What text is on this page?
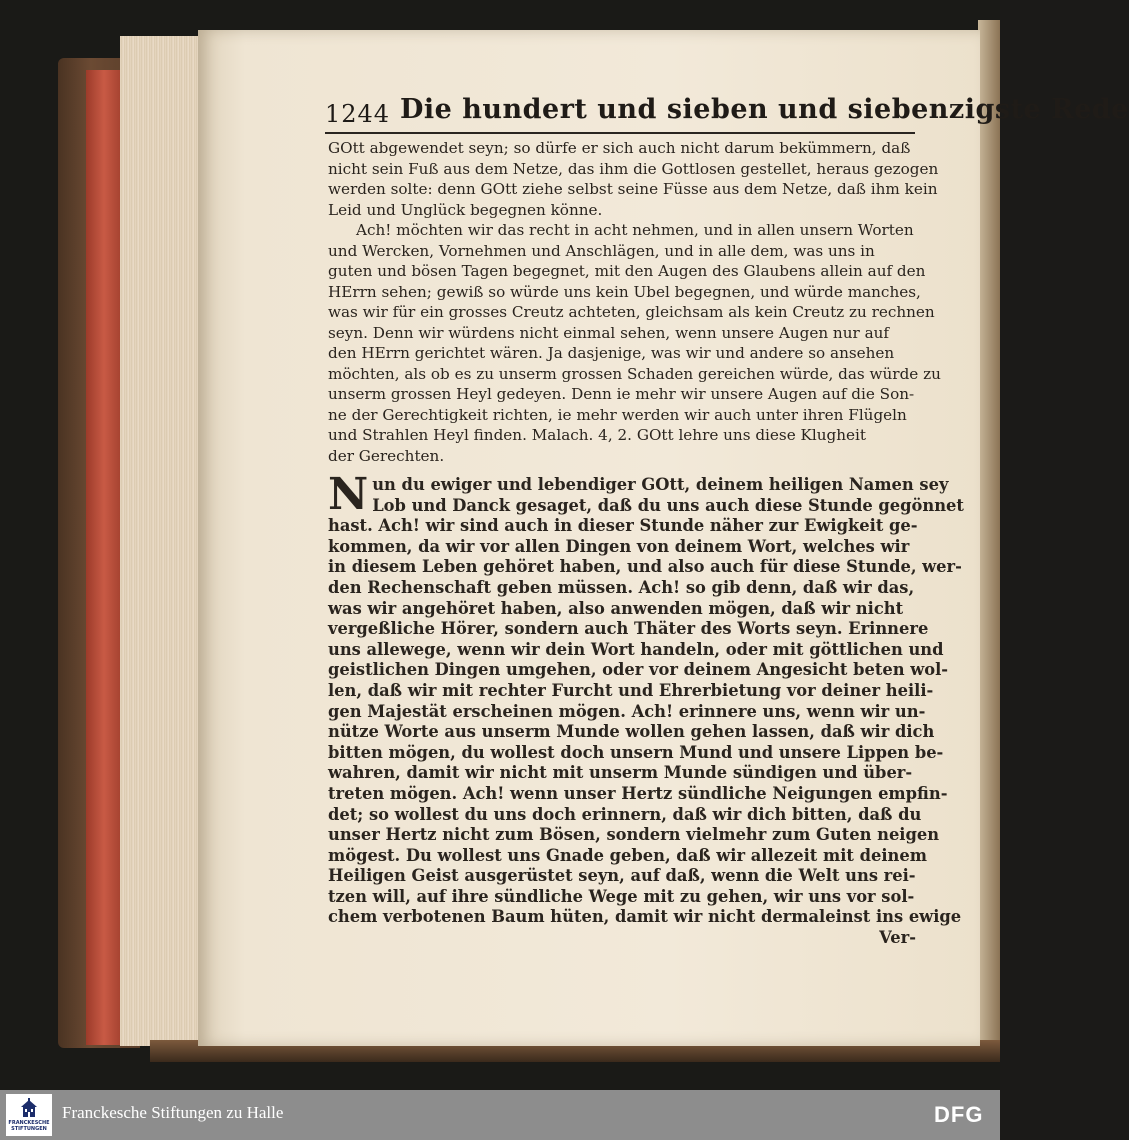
1244 Die hundert und sieben und siebenzigste Rede
GOtt abgewendet seyn; so dürfe er sich auch nicht darum bekümmern, daß
nicht sein Fuß aus dem Netze, das ihm die Gottlosen gestellet, heraus gezogen
werden solte: denn GOtt ziehe selbst seine Füsse aus dem Netze, daß ihm kein
Leid und Unglück begegnen könne.
Ach! möchten wir das recht in acht nehmen, und in allen unsern Worten
und Wercken, Vornehmen und Anschlägen, und in alle dem, was uns in
guten und bösen Tagen begegnet, mit den Augen des Glaubens allein auf den
HErrn sehen; gewiß so würde uns kein Ubel begegnen, und würde manches,
was wir für ein grosses Creutz achteten, gleichsam als kein Creutz zu rechnen
seyn. Denn wir würdens nicht einmal sehen, wenn unsere Augen nur auf
den HErrn gerichtet wären. Ja dasjenige, was wir und andere so ansehen
möchten, als ob es zu unserm grossen Schaden gereichen würde, das würde zu
unserm grossen Heyl gedeyen. Denn ie mehr wir unsere Augen auf die Son-
ne der Gerechtigkeit richten, ie mehr werden wir auch unter ihren Flügeln
und Strahlen Heyl finden. Malach. 4, 2. GOtt lehre uns diese Klugheit
der Gerechten.
N un du ewiger und lebendiger GOtt, deinem heiligen Namen sey
Lob und Danck gesaget, daß du uns auch diese Stunde gegönnet
hast. Ach! wir sind auch in dieser Stunde näher zur Ewigkeit ge-
kommen, da wir vor allen Dingen von deinem Wort, welches wir
in diesem Leben gehöret haben, und also auch für diese Stunde, wer-
den Rechenschaft geben müssen. Ach! so gib denn, daß wir das,
was wir angehöret haben, also anwenden mögen, daß wir nicht
vergeßliche Hörer, sondern auch Thäter des Worts seyn. Erinnere
uns allewege, wenn wir dein Wort handeln, oder mit göttlichen und
geistlichen Dingen umgehen, oder vor deinem Angesicht beten wol-
len, daß wir mit rechter Furcht und Ehrerbietung vor deiner heili-
gen Majestät erscheinen mögen. Ach! erinnere uns, wenn wir un-
nütze Worte aus unserm Munde wollen gehen lassen, daß wir dich
bitten mögen, du wollest doch unsern Mund und unsere Lippen be-
wahren, damit wir nicht mit unserm Munde sündigen und über-
treten mögen. Ach! wenn unser Hertz sündliche Neigungen empfin-
det; so wollest du uns doch erinnern, daß wir dich bitten, daß du
unser Hertz nicht zum Bösen, sondern vielmehr zum Guten neigen
mögest. Du wollest uns Gnade geben, daß wir allezeit mit deinem
Heiligen Geist ausgerüstet seyn, auf daß, wenn die Welt uns rei-
tzen will, auf ihre sündliche Wege mit zu gehen, wir uns vor sol-
chem verbotenen Baum hüten, damit wir nicht dermaleinst ins ewige
Ver-
FRANCKESCHE STIFTUNGEN
Franckesche Stiftungen zu Halle	DFG
